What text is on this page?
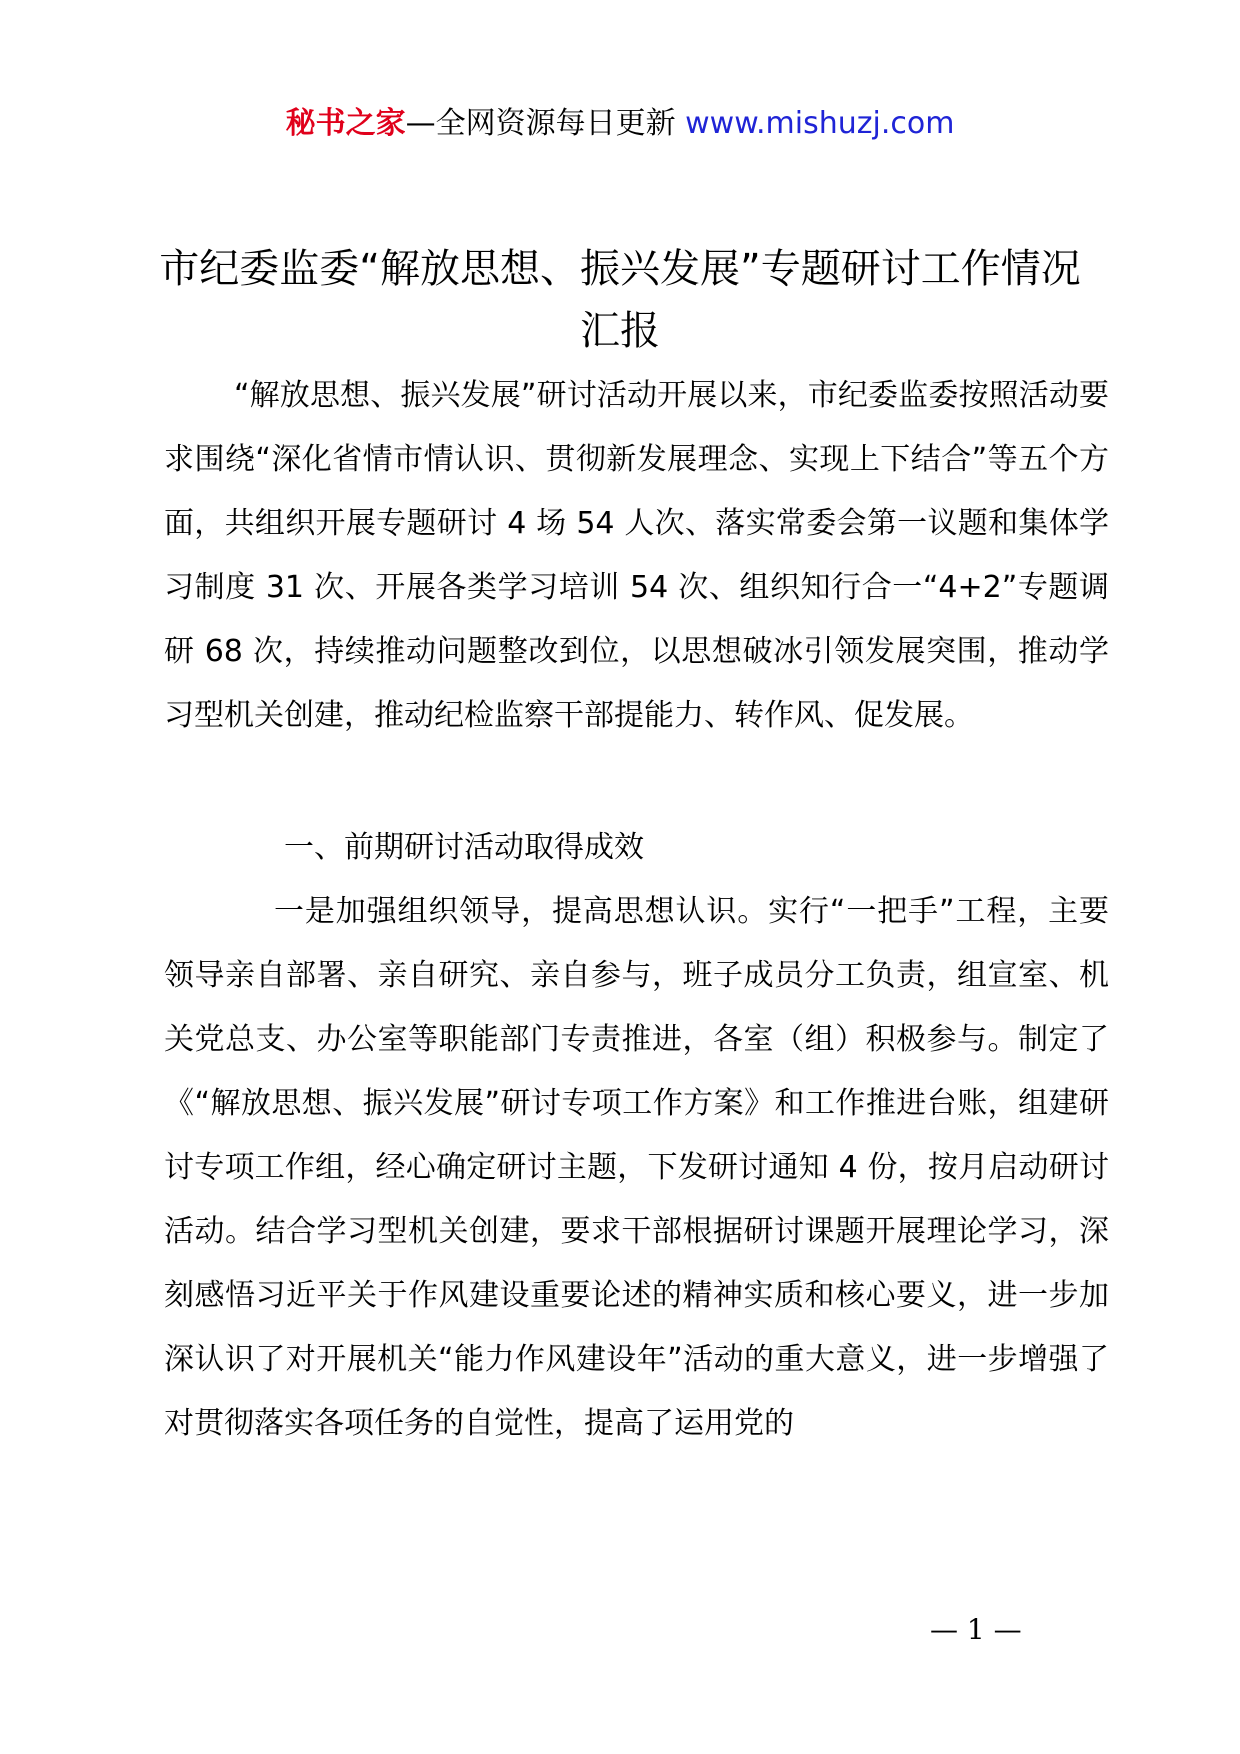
秘书之家—全网资源每日更新 www.mishuzj.com
市纪委监委“解放思想、振兴发展”专题研讨工作情况汇报

“解放思想、振兴发展”研讨活动开展以来，市纪委监委按照活动要求围绕“深化省情市情认识、贯彻新发展理念、实现上下结合”等五个方面，共组织开展专题研讨 4 场 54 人次、落实常委会第一议题和集体学习制度 31 次、开展各类学习培训 54 次、组织知行合一“4+2”专题调研 68 次，持续推动问题整改到位，以思想破冰引领发展突围，推动学习型机关创建，推动纪检监察干部提能力、转作风、促发展。

一、前期研讨活动取得成效

一是加强组织领导，提高思想认识。实行“一把手”工程，主要领导亲自部署、亲自研究、亲自参与，班子成员分工负责，组宣室、机关党总支、办公室等职能部门专责推进，各室（组）积极参与。制定了《“解放思想、振兴发展”研讨专项工作方案》和工作推进台账，组建研讨专项工作组，经心确定研讨主题，下发研讨通知 4 份，按月启动研讨活动。结合学习型机关创建，要求干部根据研讨课题开展理论学习，深刻感悟习近平关于作风建设重要论述的精神实质和核心要义，进一步加深认识了对开展机关“能力作风建设年”活动的重大意义，进一步增强了对贯彻落实各项任务的自觉性，提高了运用党的

— 1 —
